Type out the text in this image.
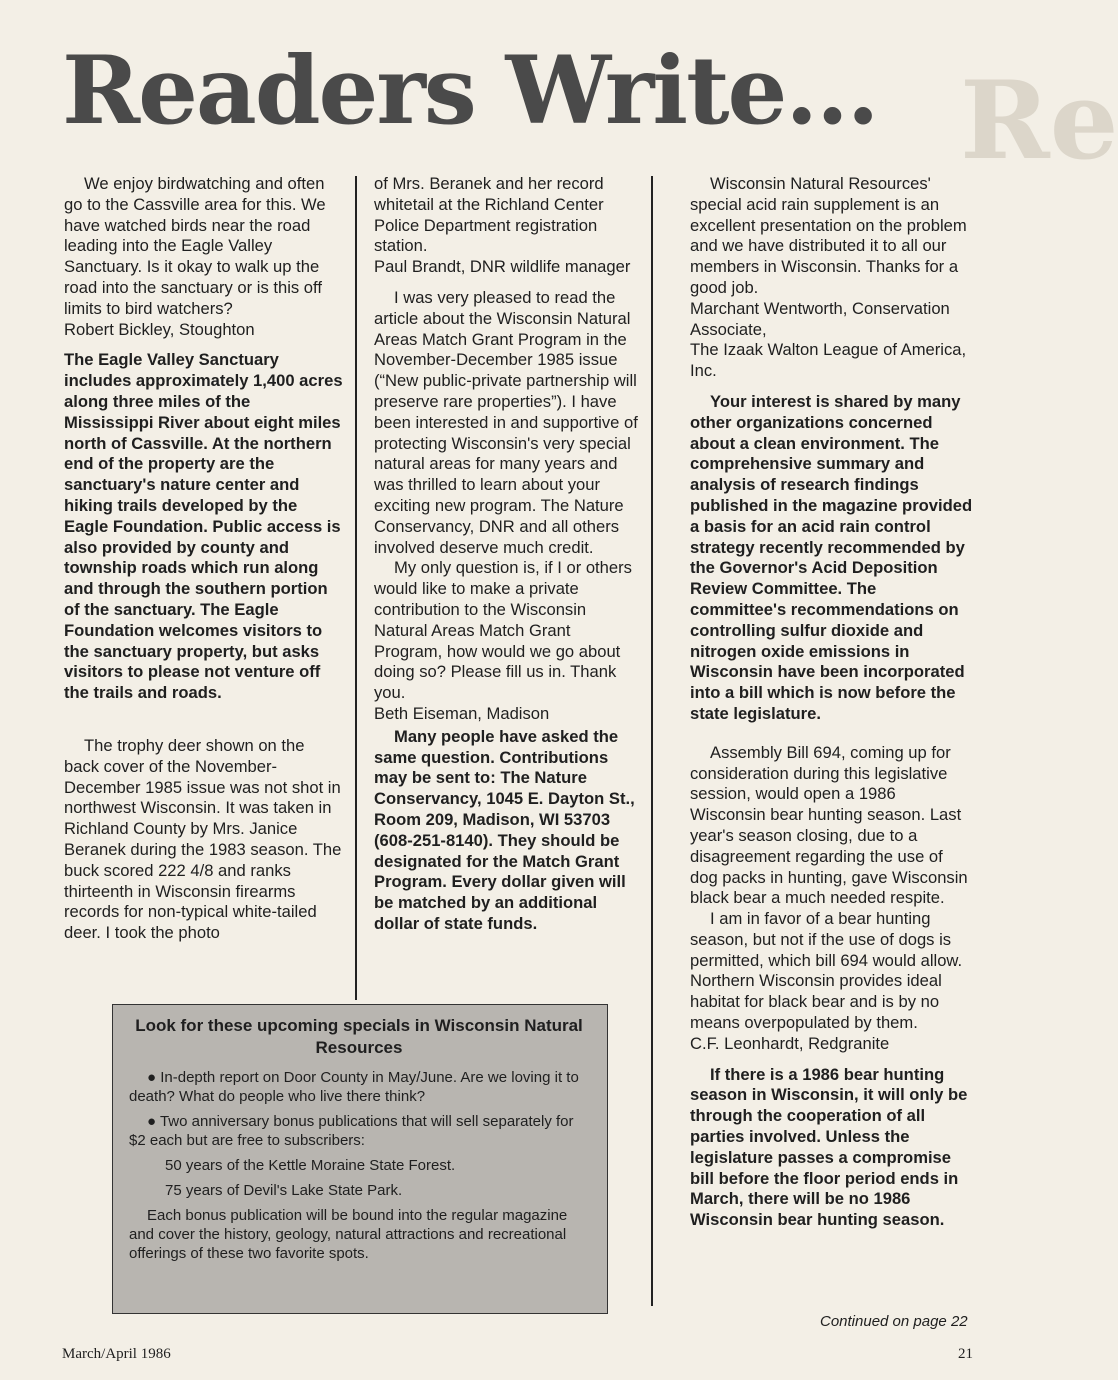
Re
Readers Write...

We enjoy birdwatching and often go to the Cassville area for this. We have watched birds near the road leading into the Eagle Valley Sanctuary. Is it okay to walk up the road into the sanctuary or is this off limits to bird watchers?

Robert Bickley, Stoughton

The Eagle Valley Sanctuary includes approximately 1,400 acres along three miles of the Mississippi River about eight miles north of Cassville. At the northern end of the property are the sanctuary's nature center and hiking trails developed by the Eagle Foundation. Public access is also provided by county and township roads which run along and through the southern portion of the sanctuary. The Eagle Foundation welcomes visitors to the sanctuary property, but asks visitors to please not venture off the trails and roads.

The trophy deer shown on the back cover of the November-December 1985 issue was not shot in northwest Wisconsin. It was taken in Richland County by Mrs. Janice Beranek during the 1983 season. The buck scored 222 4/8 and ranks thirteenth in Wisconsin firearms records for non-typical white-tailed deer. I took the photo

of Mrs. Beranek and her record whitetail at the Richland Center Police Department registration station.

Paul Brandt, DNR wildlife manager

I was very pleased to read the article about the Wisconsin Natural Areas Match Grant Program in the November-December 1985 issue (“New public-private partnership will preserve rare properties”). I have been interested in and supportive of protecting Wisconsin's very special natural areas for many years and was thrilled to learn about your exciting new program. The Nature Conservancy, DNR and all others involved deserve much credit.

My only question is, if I or others would like to make a private contribution to the Wisconsin Natural Areas Match Grant Program, how would we go about doing so? Please fill us in. Thank you.

Beth Eiseman, Madison

Many people have asked the same question. Contributions may be sent to: The Nature Conservancy, 1045 E. Dayton St., Room 209, Madison, WI 53703 (608-251-8140). They should be designated for the Match Grant Program. Every dollar given will be matched by an additional dollar of state funds.

Wisconsin Natural Resources' special acid rain supplement is an excellent presentation on the problem and we have distributed it to all our members in Wisconsin. Thanks for a good job.

Marchant Wentworth, Conservation Associate,

The Izaak Walton League of America, Inc.

Your interest is shared by many other organizations concerned about a clean environment. The comprehensive summary and analysis of research findings published in the magazine provided a basis for an acid rain control strategy recently recommended by the Governor's Acid Deposition Review Committee. The committee's recommendations on controlling sulfur dioxide and nitrogen oxide emissions in Wisconsin have been incorporated into a bill which is now before the state legislature.

Assembly Bill 694, coming up for consideration during this legislative session, would open a 1986 Wisconsin bear hunting season. Last year's season closing, due to a disagreement regarding the use of dog packs in hunting, gave Wisconsin black bear a much needed respite.

I am in favor of a bear hunting season, but not if the use of dogs is permitted, which bill 694 would allow. Northern Wisconsin provides ideal habitat for black bear and is by no means overpopulated by them.

C.F. Leonhardt, Redgranite

If there is a 1986 bear hunting season in Wisconsin, it will only be through the cooperation of all parties involved. Unless the legislature passes a compromise bill before the floor period ends in March, there will be no 1986 Wisconsin bear hunting season.

Look for these upcoming specials in Wisconsin Natural Resources

● In-depth report on Door County in May/June. Are we loving it to death? What do people who live there think?

● Two anniversary bonus publications that will sell separately for $2 each but are free to subscribers:

50 years of the Kettle Moraine State Forest.

75 years of Devil's Lake State Park.

Each bonus publication will be bound into the regular magazine and cover the history, geology, natural attractions and recreational offerings of these two favorite spots.

Continued on page 22
March/April 1986	21
